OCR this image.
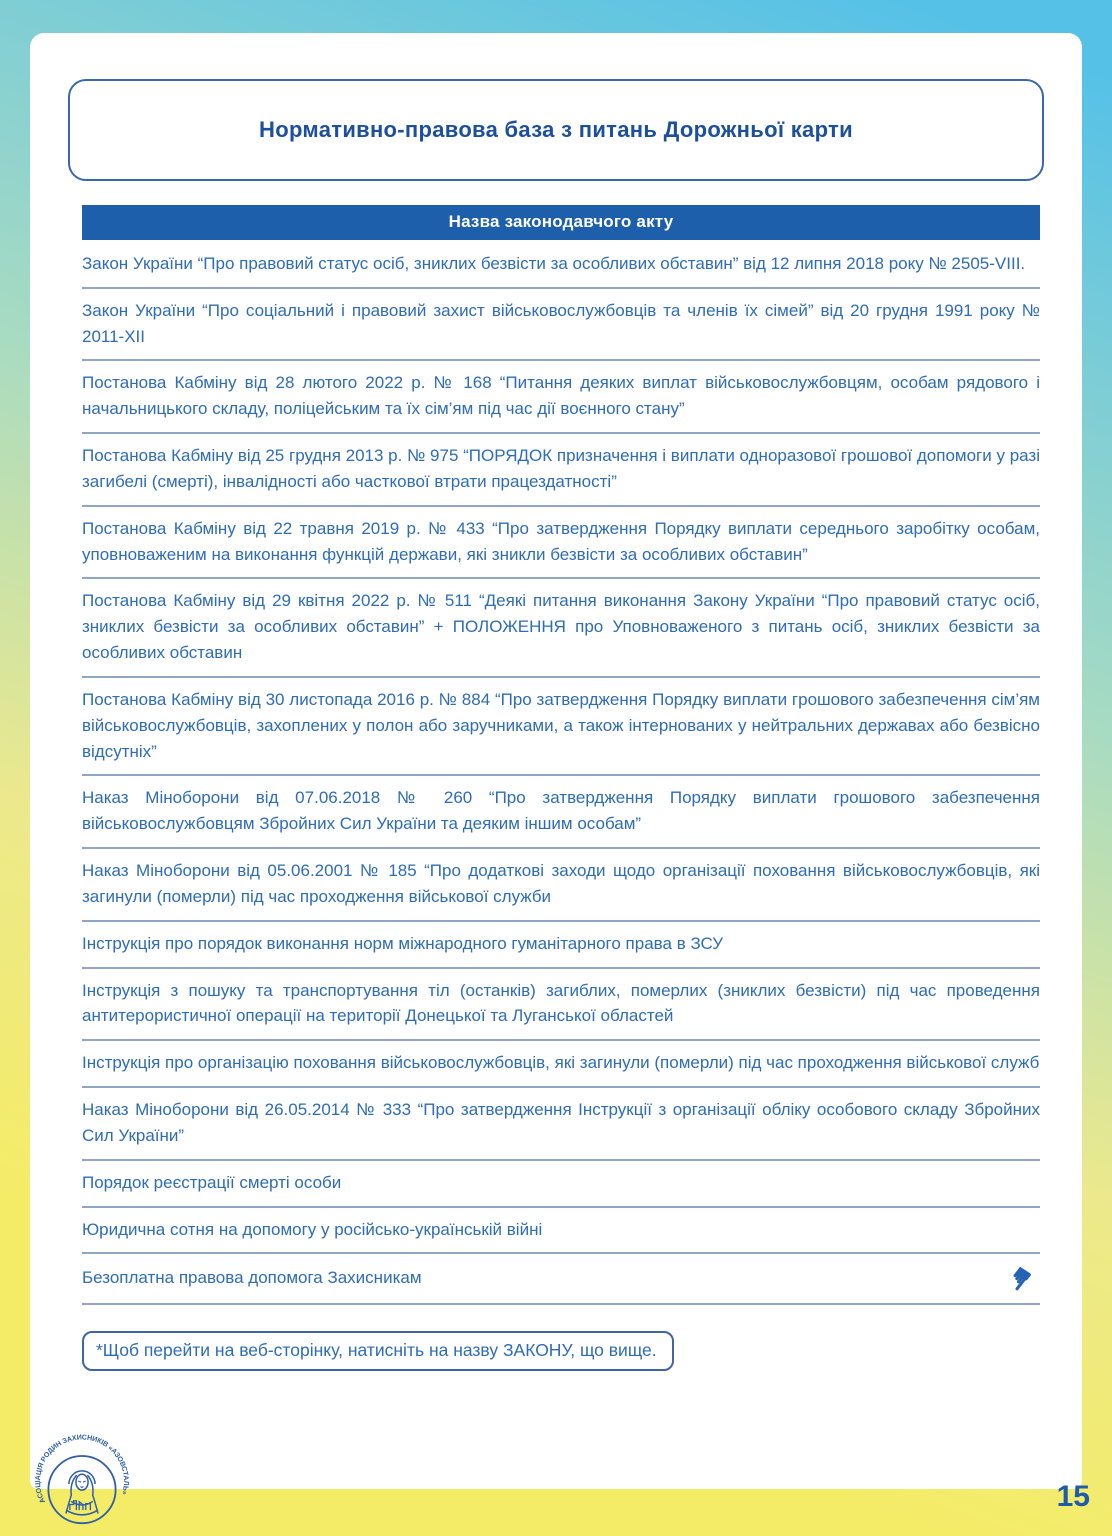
Нормативно-правова база з питань Дорожньої карти
Назва законодавчого акту
Закон України “Про правовий статус осіб, зниклих безвісти за особливих обставин” від 12 липня 2018 року № 2505-VIII.
Закон України “Про соціальний і правовий захист військовослужбовців та членів їх сімей” від 20 грудня 1991 року № 2011-XII
Постанова Кабміну від 28 лютого 2022 р. № 168 “Питання деяких виплат військовослужбовцям, особам рядового і начальницького складу, поліцейським та їх сім’ям під час дії воєнного стану”
Постанова Кабміну від 25 грудня 2013 р. № 975 “ПОРЯДОК призначення і виплати одноразової грошової допомоги у разі загибелі (смерті), інвалідності або часткової втрати працездатності”
Постанова Кабміну від 22 травня 2019 р. № 433 “Про затвердження Порядку виплати середнього заробітку особам, уповноваженим на виконання функцій держави, які зникли безвісти за особливих обставин”
Постанова Кабміну від 29 квітня 2022 р. № 511 “Деякі питання виконання Закону України “Про правовий статус осіб, зниклих безвісти за особливих обставин” + ПОЛОЖЕННЯ про Уповноваженого з питань осіб, зниклих безвісти за особливих обставин
Постанова Кабміну від 30 листопада 2016 р. № 884 “Про затвердження Порядку виплати грошового забезпечення сім’ям військовослужбовців, захоплених у полон або заручниками, а також інтернованих у нейтральних державах або безвісно відсутніх”
Наказ Міноборони від 07.06.2018 № 260 “Про затвердження Порядку виплати грошового забезпечення військовослужбовцям Збройних Сил України та деяким іншим особам”
Наказ Міноборони від 05.06.2001 № 185 “Про додаткові заходи щодо організації поховання військовослужбовців, які загинули (померли) під час проходження військової служби
Інструкція про порядок виконання норм міжнародного гуманітарного права в ЗСУ
Інструкція з пошуку та транспортування тіл (останків) загиблих, померлих (зниклих безвісти) під час проведення антитерористичної операції на території Донецької та Луганської областей
Інструкція про організацію поховання військовослужбовців, які загинули (померли) під час проходження військової служб
Наказ Міноборони від 26.05.2014 № 333 “Про затвердження Інструкції з організації обліку особового складу Збройних Сил України”
Порядок реєстрації смерті особи
Юридична сотня на допомогу у російсько-українській війні
Безоплатна правова допомога Захисникам	☛
*Щоб перейти на веб-сторінку, натисніть на назву ЗАКОНУ, що вище.
АСОЦІАЦІЯ РОДИН ЗАХИСНИКІВ «АЗОВСТАЛЬ»	15
